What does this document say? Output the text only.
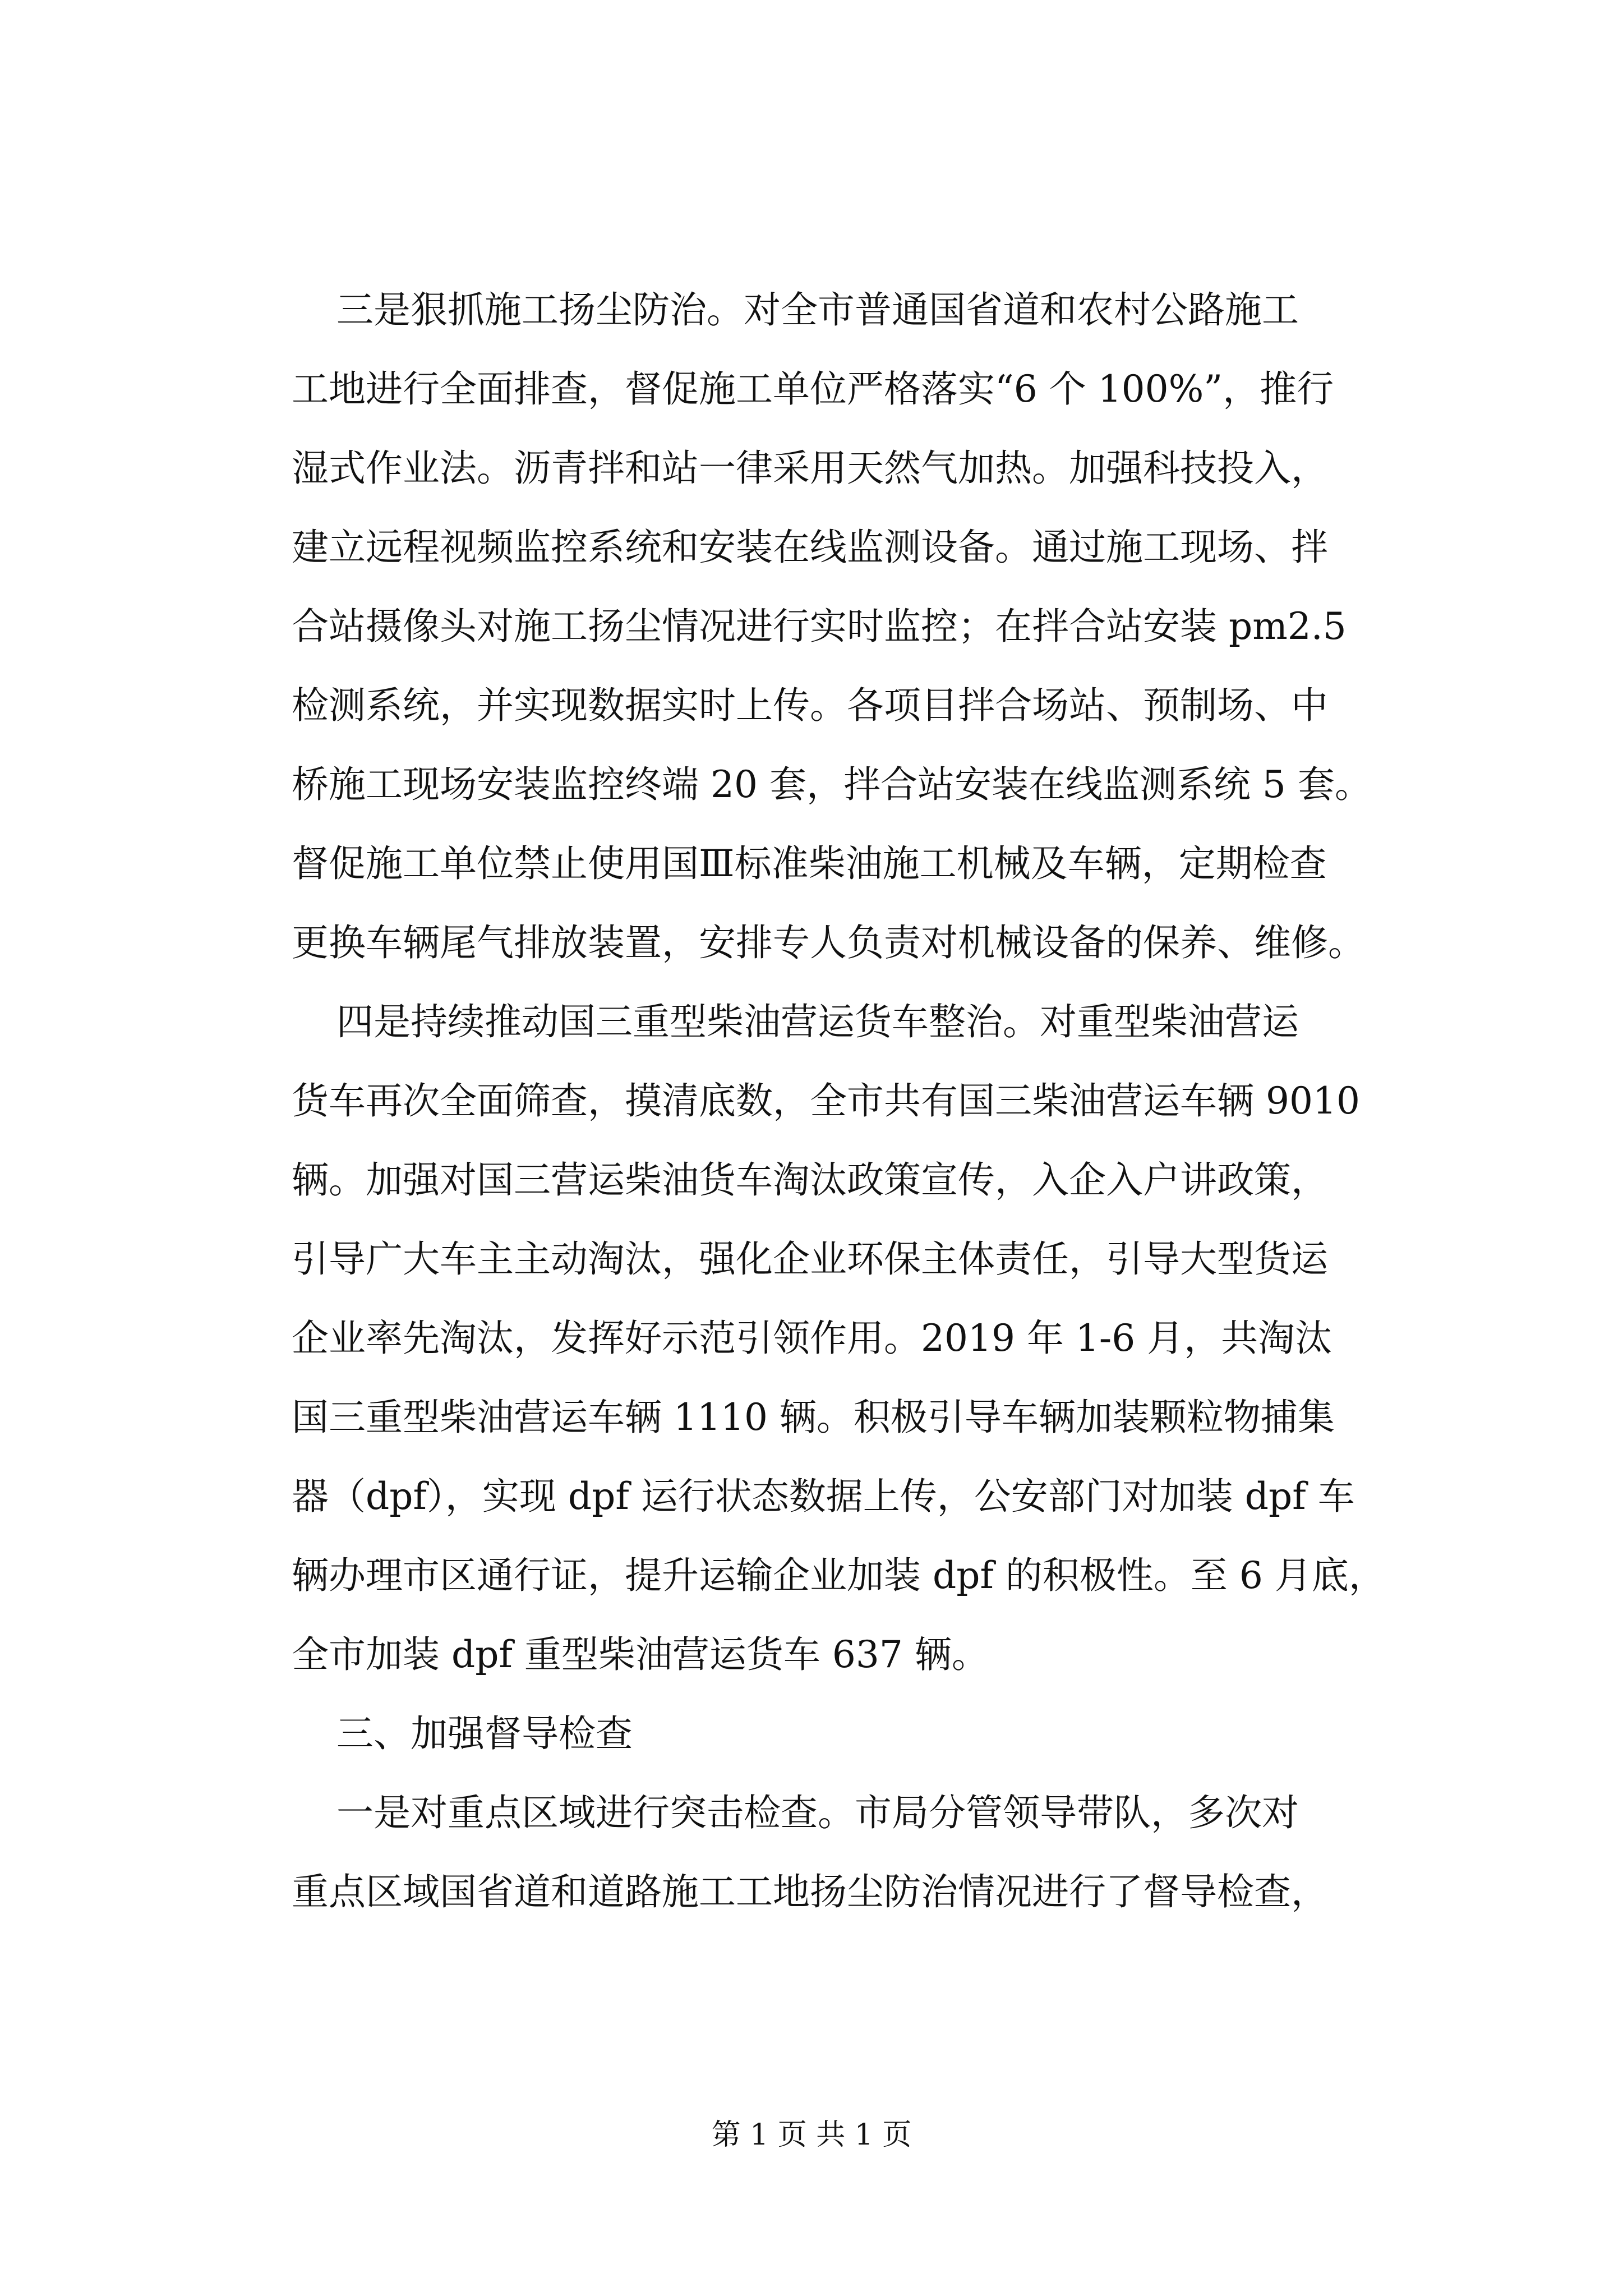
三是狠抓施工扬尘防治。对全市普通国省道和农村公路施工
工地进行全面排查，督促施工单位严格落实“6 个 100%”，推行
湿式作业法。沥青拌和站一律采用天然气加热。加强科技投入，
建立远程视频监控系统和安装在线监测设备。通过施工现场、拌
合站摄像头对施工扬尘情况进行实时监控；在拌合站安装 pm2.5
检测系统，并实现数据实时上传。各项目拌合场站、预制场、中
桥施工现场安装监控终端 20 套，拌合站安装在线监测系统 5 套。
督促施工单位禁止使用国Ⅲ标准柴油施工机械及车辆，定期检查
更换车辆尾气排放装置，安排专人负责对机械设备的保养、维修。
四是持续推动国三重型柴油营运货车整治。对重型柴油营运
货车再次全面筛查，摸清底数，全市共有国三柴油营运车辆 9010
辆。加强对国三营运柴油货车淘汰政策宣传，入企入户讲政策，
引导广大车主主动淘汰，强化企业环保主体责任，引导大型货运
企业率先淘汰，发挥好示范引领作用。2019 年 1-6 月，共淘汰
国三重型柴油营运车辆 1110 辆。积极引导车辆加装颗粒物捕集
器（dpf），实现 dpf 运行状态数据上传，公安部门对加装 dpf 车
辆办理市区通行证，提升运输企业加装 dpf 的积极性。至 6 月底，
全市加装 dpf 重型柴油营运货车 637 辆。
三、加强督导检查
一是对重点区域进行突击检查。市局分管领导带队，多次对
重点区域国省道和道路施工工地扬尘防治情况进行了督导检查，
第 1 页 共 1 页
